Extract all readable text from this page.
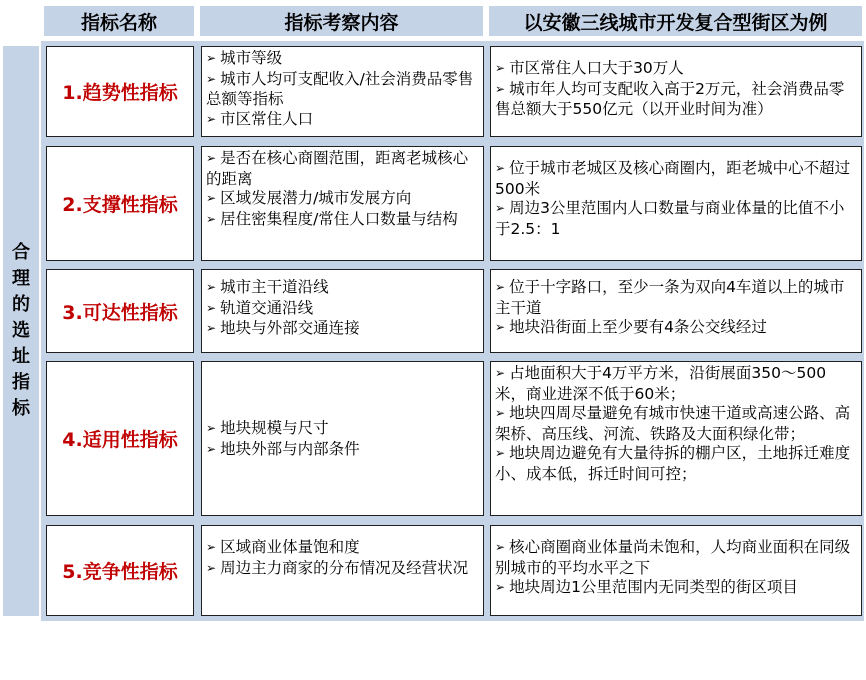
指标名称	指标考察内容	以安徽三线城市开发复合型街区为例
合理的选址指标
1.趋势性指标
➢ 城市等级
➢ 城市人均可支配收入/社会消费品零售总额等指标
➢ 市区常住人口
➢ 市区常住人口大于30万人
➢ 城市年人均可支配收入高于2万元，社会消费品零售总额大于550亿元（以开业时间为准）
2.支撑性指标
➢ 是否在核心商圈范围，距离老城核心的距离
➢ 区域发展潜力/城市发展方向
➢ 居住密集程度/常住人口数量与结构
➢ 位于城市老城区及核心商圈内，距老城中心不超过500米
➢ 周边3公里范围内人口数量与商业体量的比值不小于2.5：1
3.可达性指标
➢ 城市主干道沿线
➢ 轨道交通沿线
➢ 地块与外部交通连接
➢ 位于十字路口，至少一条为双向4车道以上的城市主干道
➢ 地块沿街面上至少要有4条公交线经过
4.适用性指标
➢ 地块规模与尺寸
➢ 地块外部与内部条件
➢ 占地面积大于4万平方米，沿街展面350～500米，商业进深不低于60米；
➢ 地块四周尽量避免有城市快速干道或高速公路、高架桥、高压线、河流、铁路及大面积绿化带；
➢ 地块周边避免有大量待拆的棚户区，土地拆迁难度小、成本低，拆迁时间可控；
5.竞争性指标
➢ 区域商业体量饱和度
➢ 周边主力商家的分布情况及经营状况
➢ 核心商圈商业体量尚未饱和，人均商业面积在同级别城市的平均水平之下
➢ 地块周边1公里范围内无同类型的街区项目
